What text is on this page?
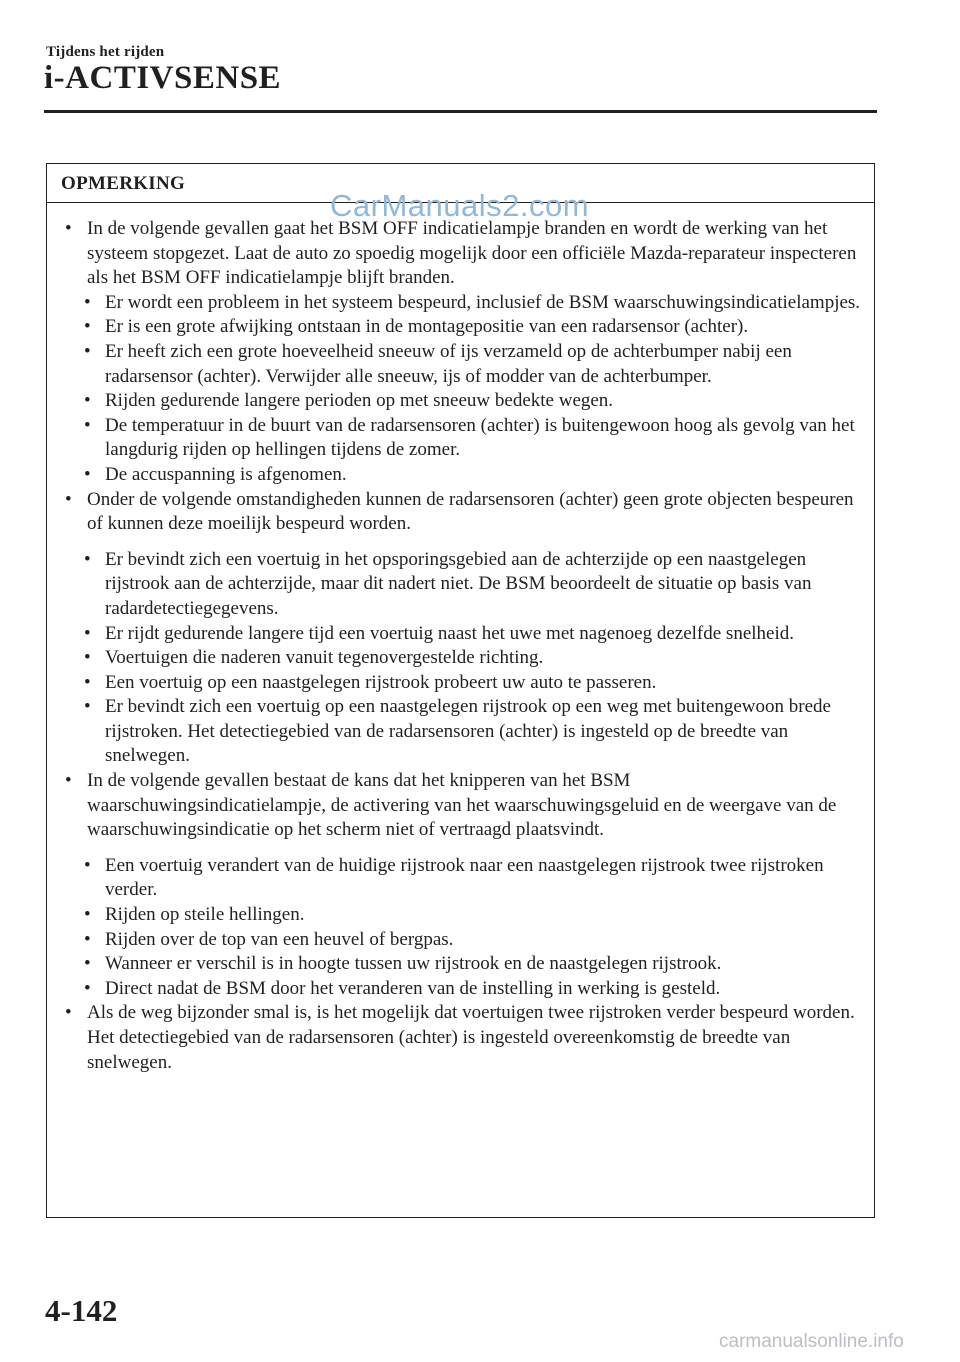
Tijdens het rijden
i-ACTIVSENSE
OPMERKING
• In de volgende gevallen gaat het BSM OFF indicatielampje branden en wordt de werking van het systeem stopgezet. Laat de auto zo spoedig mogelijk door een officiële Mazda-reparateur inspecteren als het BSM OFF indicatielampje blijft branden.
• Er wordt een probleem in het systeem bespeurd, inclusief de BSM waarschuwingsindicatielampjes.
• Er is een grote afwijking ontstaan in de montagepositie van een radarsensor (achter).
• Er heeft zich een grote hoeveelheid sneeuw of ijs verzameld op de achterbumper nabij een radarsensor (achter). Verwijder alle sneeuw, ijs of modder van de achterbumper.
• Rijden gedurende langere perioden op met sneeuw bedekte wegen.
• De temperatuur in de buurt van de radarsensoren (achter) is buitengewoon hoog als gevolg van het langdurig rijden op hellingen tijdens de zomer.
• De accuspanning is afgenomen.
• Onder de volgende omstandigheden kunnen de radarsensoren (achter) geen grote objecten bespeuren of kunnen deze moeilijk bespeurd worden.
• Er bevindt zich een voertuig in het opsporingsgebied aan de achterzijde op een naastgelegen rijstrook aan de achterzijde, maar dit nadert niet. De BSM beoordeelt de situatie op basis van radardetectiegegevens.
• Er rijdt gedurende langere tijd een voertuig naast het uwe met nagenoeg dezelfde snelheid.
• Voertuigen die naderen vanuit tegenovergestelde richting.
• Een voertuig op een naastgelegen rijstrook probeert uw auto te passeren.
• Er bevindt zich een voertuig op een naastgelegen rijstrook op een weg met buitengewoon brede rijstroken. Het detectiegebied van de radarsensoren (achter) is ingesteld op de breedte van snelwegen.
• In de volgende gevallen bestaat de kans dat het knipperen van het BSM waarschuwingsindicatielampje, de activering van het waarschuwingsgeluid en de weergave van de waarschuwingsindicatie op het scherm niet of vertraagd plaatsvindt.
• Een voertuig verandert van de huidige rijstrook naar een naastgelegen rijstrook twee rijstroken verder.
• Rijden op steile hellingen.
• Rijden over de top van een heuvel of bergpas.
• Wanneer er verschil is in hoogte tussen uw rijstrook en de naastgelegen rijstrook.
• Direct nadat de BSM door het veranderen van de instelling in werking is gesteld.
• Als de weg bijzonder smal is, is het mogelijk dat voertuigen twee rijstroken verder bespeurd worden. Het detectiegebied van de radarsensoren (achter) is ingesteld overeenkomstig de breedte van snelwegen.
CarManuals2.com
4-142
carmanualsonline.info
